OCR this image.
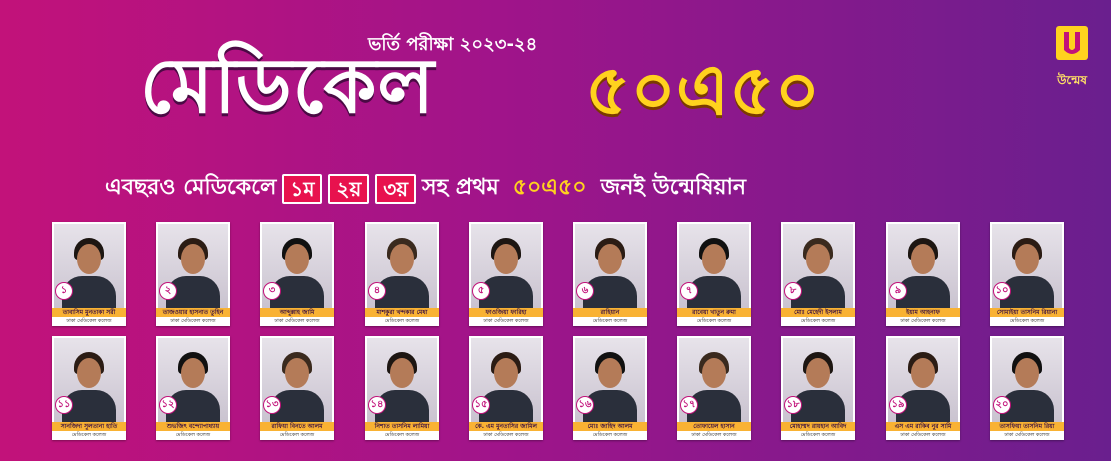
ভর্তি পরীক্ষা ২০২৩-২৪
মেডিকেল ৫০এ৫০	উন্মেষ
এবছরও মেডিকেলে ১ম	২য়	৩য় সহ প্রথম ৫০এ৫০ জনই উন্মেষিয়ান
১
তাবাসিম মুনতাকা সরী
ঢাকা মেডিকেল কলেজ
২
তাজওয়ার হাসনাত তুহিন
ঢাকা মেডিকেল কলেজ
৩
আব্দুল্লাহ জামি
ঢাকা মেডিকেল কলেজ
৪
মাশকুরা খন্দকার মেধা
মেডিকেল কলেজ
৫
ফাওজিয়া ফারিহা
ঢাকা মেডিকেল কলেজ
৬
রাহিয়ান
মেডিকেল কলেজ
৭
রাবেয়া খাতুন রুমা
মেডিকেল কলেজ
৮
মোঃ মেহেদী ইসলাম
মেডিকেল কলেজ
৯
ইয়াম আহনাফ
ঢাকা মেডিকেল কলেজ
১০
সোমাইয়া তাসনিম রিয়ানা
মেডিকেল কলেজ
১১
সানজিদা সুলতানা হাতি
মেডিকেল কলেজ
১২
শুভজিৎ বন্দ্যোপাধ্যায়
মেডিকেল কলেজ
১৩
রাফিয়া বিনতে আলম
মেডিকেল কলেজ
১৪
নিশাত তাসনিম লামিয়া
মেডিকেল কলেজ
১৫
কে. এম মুনতাসির জামিল
ঢাকা মেডিকেল কলেজ
১৬
মোঃ জাহিদ আলম
মেডিকেল কলেজ
১৭
তোফায়েল হাসান
ঢাকা মেডিকেল কলেজ
১৮
মোহাম্মদ রায়হান আবিদ
মেডিকেল কলেজ
১৯
এস এম রাকিব নুর সামি
ঢাকা মেডিকেল কলেজ
২০
তাসফিয়া তাসনিম রিয়া
ঢাকা মেডিকেল কলেজ
